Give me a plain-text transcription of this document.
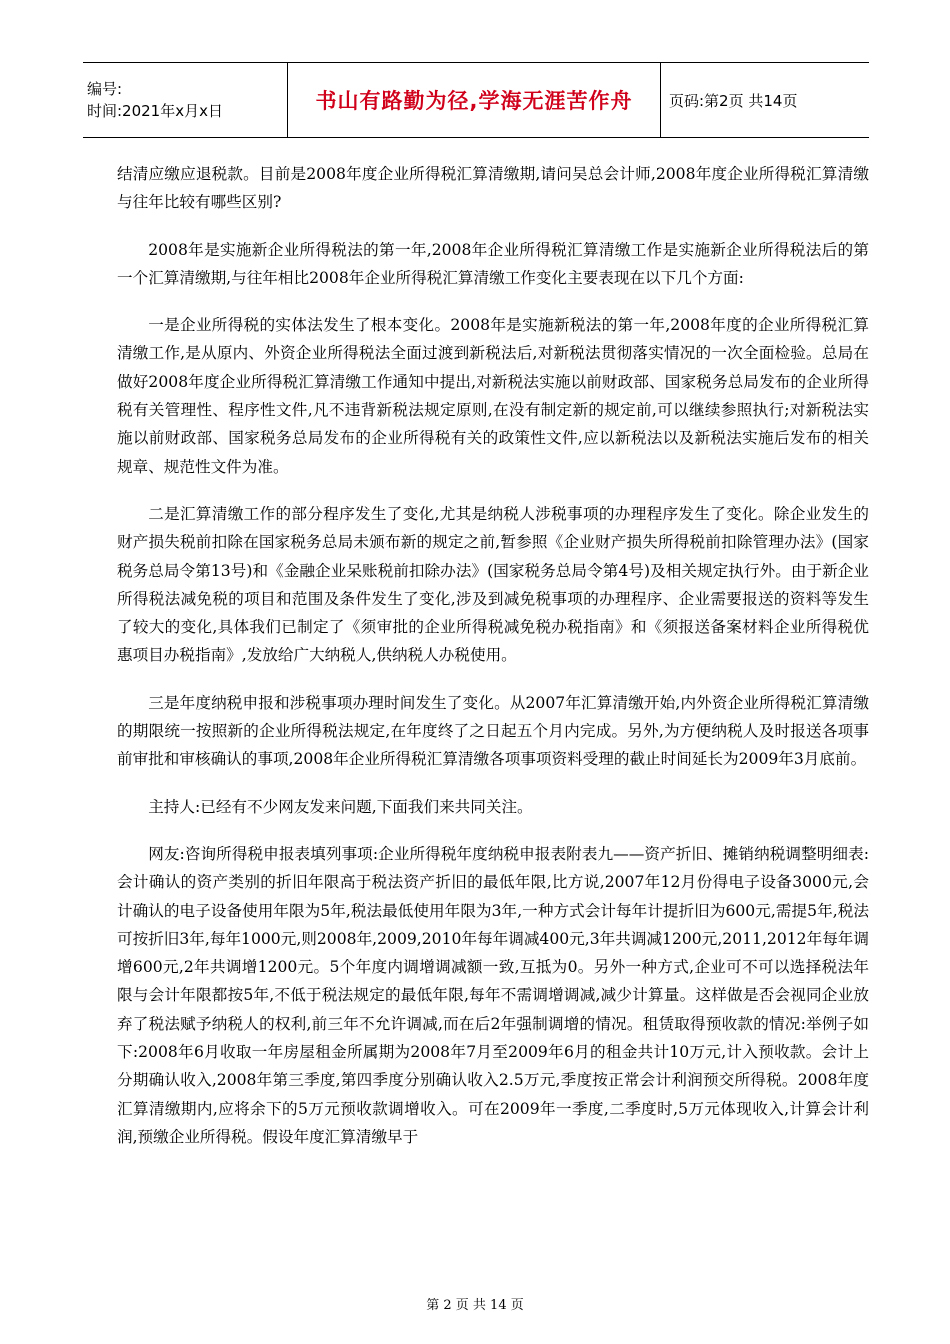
编号:
时间:2021年x月x日	书山有路勤为径,学海无涯苦作舟 页码:第2页 共14页

结清应缴应退税款。目前是2008年度企业所得税汇算清缴期,请问吴总会计师,2008年度企业所得税汇算清缴与往年比较有哪些区别?

2008年是实施新企业所得税法的第一年,2008年企业所得税汇算清缴工作是实施新企业所得税法后的第一个汇算清缴期,与往年相比2008年企业所得税汇算清缴工作变化主要表现在以下几个方面:

一是企业所得税的实体法发生了根本变化。2008年是实施新税法的第一年,2008年度的企业所得税汇算清缴工作,是从原内、外资企业所得税法全面过渡到新税法后,对新税法贯彻落实情况的一次全面检验。总局在做好2008年度企业所得税汇算清缴工作通知中提出,对新税法实施以前财政部、国家税务总局发布的企业所得税有关管理性、程序性文件,凡不违背新税法规定原则,在没有制定新的规定前,可以继续参照执行;对新税法实施以前财政部、国家税务总局发布的企业所得税有关的政策性文件,应以新税法以及新税法实施后发布的相关规章、规范性文件为准。

二是汇算清缴工作的部分程序发生了变化,尤其是纳税人涉税事项的办理程序发生了变化。除企业发生的财产损失税前扣除在国家税务总局未颁布新的规定之前,暂参照《企业财产损失所得税前扣除管理办法》(国家税务总局令第13号)和《金融企业呆账税前扣除办法》(国家税务总局令第4号)及相关规定执行外。由于新企业所得税法减免税的项目和范围及条件发生了变化,涉及到减免税事项的办理程序、企业需要报送的资料等发生了较大的变化,具体我们已制定了《须审批的企业所得税减免税办税指南》和《须报送备案材料企业所得税优惠项目办税指南》,发放给广大纳税人,供纳税人办税使用。

三是年度纳税申报和涉税事项办理时间发生了变化。从2007年汇算清缴开始,内外资企业所得税汇算清缴的期限统一按照新的企业所得税法规定,在年度终了之日起五个月内完成。另外,为方便纳税人及时报送各项事前审批和审核确认的事项,2008年企业所得税汇算清缴各项事项资料受理的截止时间延长为2009年3月底前。

主持人:已经有不少网友发来问题,下面我们来共同关注。

网友:咨询所得税申报表填列事项:企业所得税年度纳税申报表附表九——资产折旧、摊销纳税调整明细表:会计确认的资产类别的折旧年限高于税法资产折旧的最低年限,比方说,2007年12月份得电子设备3000元,会计确认的电子设备使用年限为5年,税法最低使用年限为3年,一种方式会计每年计提折旧为600元,需提5年,税法可按折旧3年,每年1000元,则2008年,2009,2010年每年调减400元,3年共调减1200元,2011,2012年每年调增600元,2年共调增1200元。5个年度内调增调减额一致,互抵为0。另外一种方式,企业可不可以选择税法年限与会计年限都按5年,不低于税法规定的最低年限,每年不需调增调减,减少计算量。这样做是否会视同企业放弃了税法赋予纳税人的权利,前三年不允许调减,而在后2年强制调增的情况。租赁取得预收款的情况:举例子如下:2008年6月收取一年房屋租金所属期为2008年7月至2009年6月的租金共计10万元,计入预收款。会计上分期确认收入,2008年第三季度,第四季度分别确认收入2.5万元,季度按正常会计利润预交所得税。2008年度汇算清缴期内,应将余下的5万元预收款调增收入。可在2009年一季度,二季度时,5万元体现收入,计算会计利润,预缴企业所得税。假设年度汇算清缴早于

第 2 页 共 14 页
